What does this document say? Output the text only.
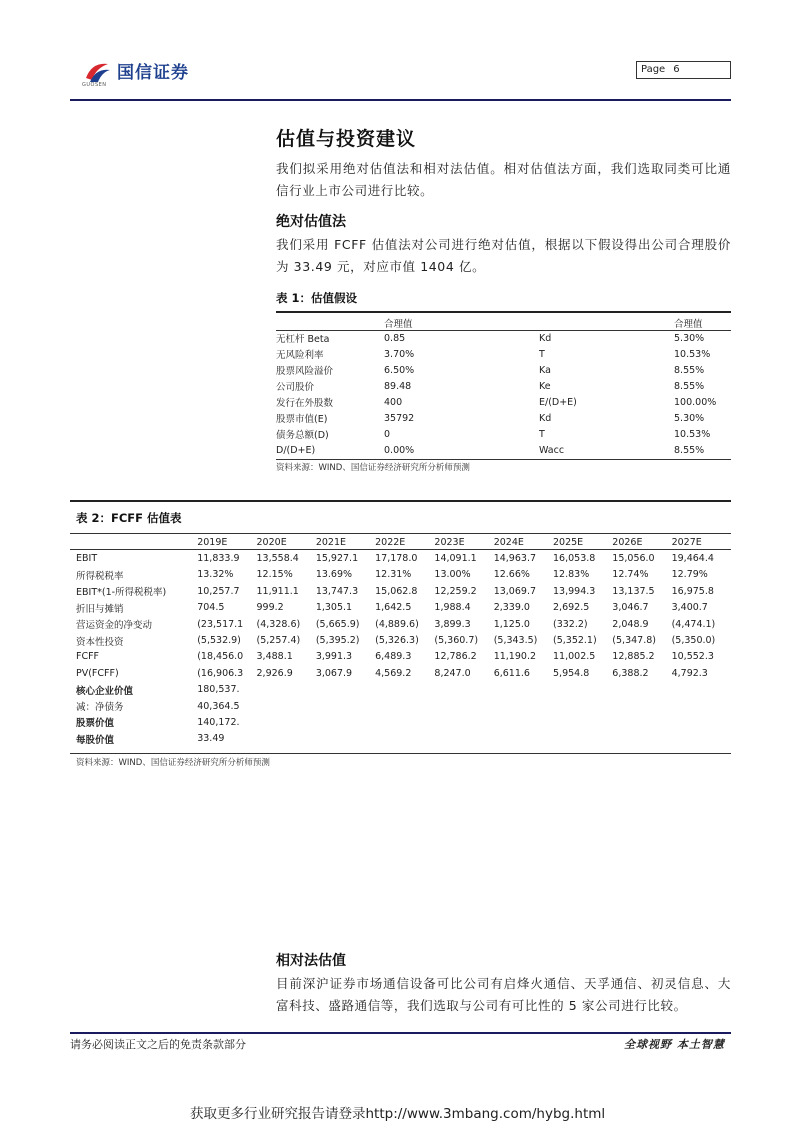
国信证券
GUOSEN
Page 6
估值与投资建议
我们拟采用绝对估值法和相对法估值。相对估值法方面，我们选取同类可比通信行业上市公司进行比较。
绝对估值法
我们采用 FCFF 估值法对公司进行绝对估值，根据以下假设得出公司合理股价为 33.49 元，对应市值 1404 亿。
表 1：估值假设
	合理值		合理值
无杠杆 Beta	0.85	Kd	5.30%
无风险利率	3.70%	T	10.53%
股票风险溢价	6.50%	Ka	8.55%
公司股价	89.48	Ke	8.55%
发行在外股数	400	E/(D+E)	100.00%
股票市值(E)	35792	Kd	5.30%
债务总额(D)	0	T	10.53%
D/(D+E)	0.00%	Wacc	8.55%
资料来源：WIND、国信证券经济研究所分析师预测
表 2：FCFF 估值表
	2019E	2020E	2021E	2022E	2023E	2024E	2025E	2026E	2027E
EBIT	11,833.9	13,558.4	15,927.1	17,178.0	14,091.1	14,963.7	16,053.8	15,056.0	19,464.4
所得税税率	13.32%	12.15%	13.69%	12.31%	13.00%	12.66%	12.83%	12.74%	12.79%
EBIT*(1-所得税税率)	10,257.7	11,911.1	13,747.3	15,062.8	12,259.2	13,069.7	13,994.3	13,137.5	16,975.8
折旧与摊销	704.5	999.2	1,305.1	1,642.5	1,988.4	2,339.0	2,692.5	3,046.7	3,400.7
营运资金的净变动	(23,517.1	(4,328.6)	(5,665.9)	(4,889.6)	3,899.3	1,125.0	(332.2)	2,048.9	(4,474.1)
资本性投资	(5,532.9)	(5,257.4)	(5,395.2)	(5,326.3)	(5,360.7)	(5,343.5)	(5,352.1)	(5,347.8)	(5,350.0)
FCFF	(18,456.0	3,488.1	3,991.3	6,489.3	12,786.2	11,190.2	11,002.5	12,885.2	10,552.3
PV(FCFF)	(16,906.3	2,926.9	3,067.9	4,569.2	8,247.0	6,611.6	5,954.8	6,388.2	4,792.3
核心企业价值	180,537.								
减：净债务	40,364.5								
股票价值	140,172.								
每股价值	33.49								
资料来源：WIND、国信证券经济研究所分析师预测
相对法估值
目前深沪证券市场通信设备可比公司有启烽火通信、天孚通信、初灵信息、大富科技、盛路通信等，我们选取与公司有可比性的 5 家公司进行比较。
请务必阅读正文之后的免责条款部分	全球视野 本土智慧
获取更多行业研究报告请登录http://www.3mbang.com/hybg.html
